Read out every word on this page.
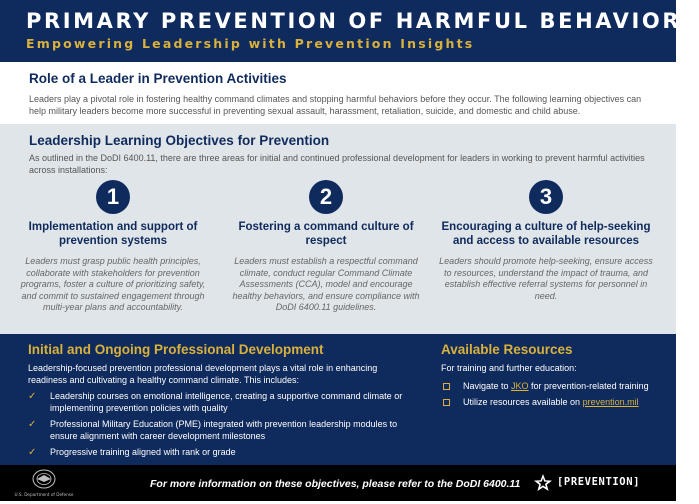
PRIMARY PREVENTION OF HARMFUL BEHAVIORS
Empowering Leadership with Prevention Insights
Role of a Leader in Prevention Activities

Leaders play a pivotal role in fostering healthy command climates and stopping harmful behaviors before they occur. The following learning objectives can help military leaders become more successful in preventing sexual assault, harassment, retaliation, suicide, and domestic and child abuse.

Leadership Learning Objectives for Prevention

As outlined in the DoDI 6400.11, there are three areas for initial and continued professional development for leaders in working to prevent harmful activities across installations:

1
Implementation and support of prevention systems

Leaders must grasp public health principles, collaborate with stakeholders for prevention programs, foster a culture of prioritizing safety, and commit to sustained engagement through multi-year plans and accountability.

2
Fostering a command culture of respect

Leaders must establish a respectful command climate, conduct regular Command Climate Assessments (CCA), model and encourage healthy behaviors, and ensure compliance with DoDI 6400.11 guidelines.

3
Encouraging a culture of help-seeking and access to available resources

Leaders should promote help-seeking, ensure access to resources, understand the impact of trauma, and establish effective referral systems for personnel in need.

Initial and Ongoing Professional Development

Leadership-focused prevention professional development plays a vital role in enhancing readiness and cultivating a healthy command climate. This includes:

✓ Leadership courses on emotional intelligence, creating a supportive command climate or implementing prevention policies with quality
✓ Professional Military Education (PME) integrated with prevention leadership modules to ensure alignment with career development milestones
✓ Progressive training aligned with rank or grade
Available Resources

For training and further education:

Navigate to JKO for prevention-related training
Utilize resources available on prevention.mil
U.S. Department of Defense
For more information on these objectives, please refer to the DoDI 6400.11	[PREVENTION]
